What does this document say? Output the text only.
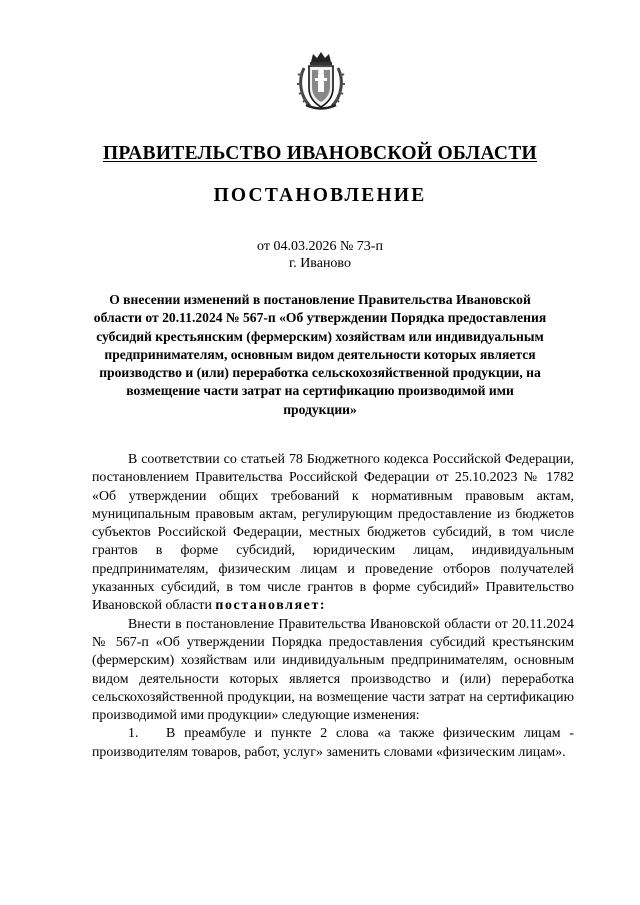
ПРАВИТЕЛЬСТВО ИВАНОВСКОЙ ОБЛАСТИ
ПОСТАНОВЛЕНИЕ
от 04.03.2026 № 73-п
г. Иваново
О внесении изменений в постановление Правительства Ивановской области от 20.11.2024 № 567-п «Об утверждении Порядка предоставления субсидий крестьянским (фермерским) хозяйствам или индивидуальным предпринимателям, основным видом деятельности которых является производство и (или) переработка сельскохозяйственной продукции, на возмещение части затрат на сертификацию производимой ими продукции»

В соответствии со статьей 78 Бюджетного кодекса Российской Федерации, постановлением Правительства Российской Федерации от 25.10.2023 № 1782 «Об утверждении общих требований к нормативным правовым актам, муниципальным правовым актам, регулирующим предоставление из бюджетов субъектов Российской Федерации, местных бюджетов субсидий, в том числе грантов в форме субсидий, юридическим лицам, индивидуальным предпринимателям, физическим лицам и проведение отборов получателей указанных субсидий, в том числе грантов в форме субсидий» Правительство Ивановской области постановляет:

Внести в постановление Правительства Ивановской области от 20.11.2024 № 567-п «Об утверждении Порядка предоставления субсидий крестьянским (фермерским) хозяйствам или индивидуальным предпринимателям, основным видом деятельности которых является производство и (или) переработка сельскохозяйственной продукции, на возмещение части затрат на сертификацию производимой ими продукции» следующие изменения:

1. В преамбуле и пункте 2 слова «а также физическим лицам - производителям товаров, работ, услуг» заменить словами «физическим лицам».
